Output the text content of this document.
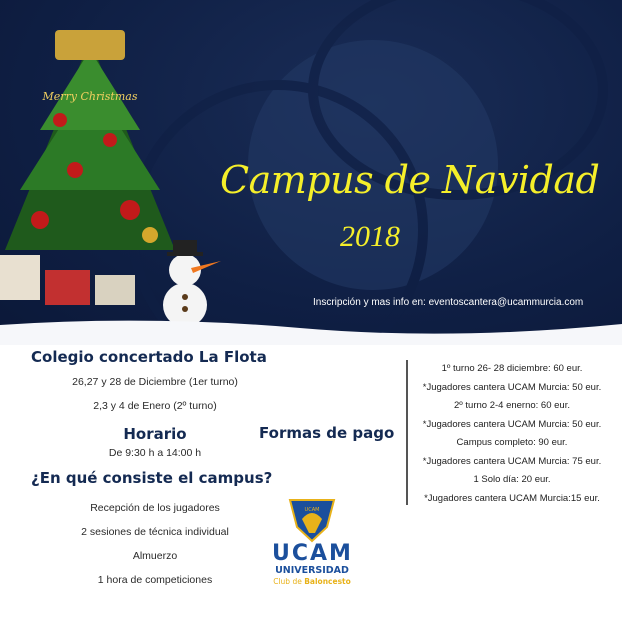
Merry Christmas
Campus de Navidad
2018
Inscripción y mas info en: eventoscantera@ucammurcia.com
Colegio concertado La Flota
26,27 y 28 de Diciembre (1er turno)
2,3 y 4 de Enero (2º turno)
Horario
De 9:30 h a 14:00 h
¿En qué consiste el campus?
Recepción de los jugadores
2 sesiones de técnica individual
Almuerzo
1 hora de competiciones
Formas de pago
1º turno 26- 28 diciembre: 60 eur.
*Jugadores cantera UCAM Murcia: 50 eur.
2º turno 2-4 enerno: 60 eur.
*Jugadores cantera UCAM Murcia: 50 eur.
Campus completo: 90 eur.
*Jugadores cantera UCAM Murcia: 75 eur.
1 Solo día: 20 eur.
*Jugadores cantera UCAM Murcia:15 eur.
UCAM
UCAM
UNIVERSIDAD
Club de Baloncesto
